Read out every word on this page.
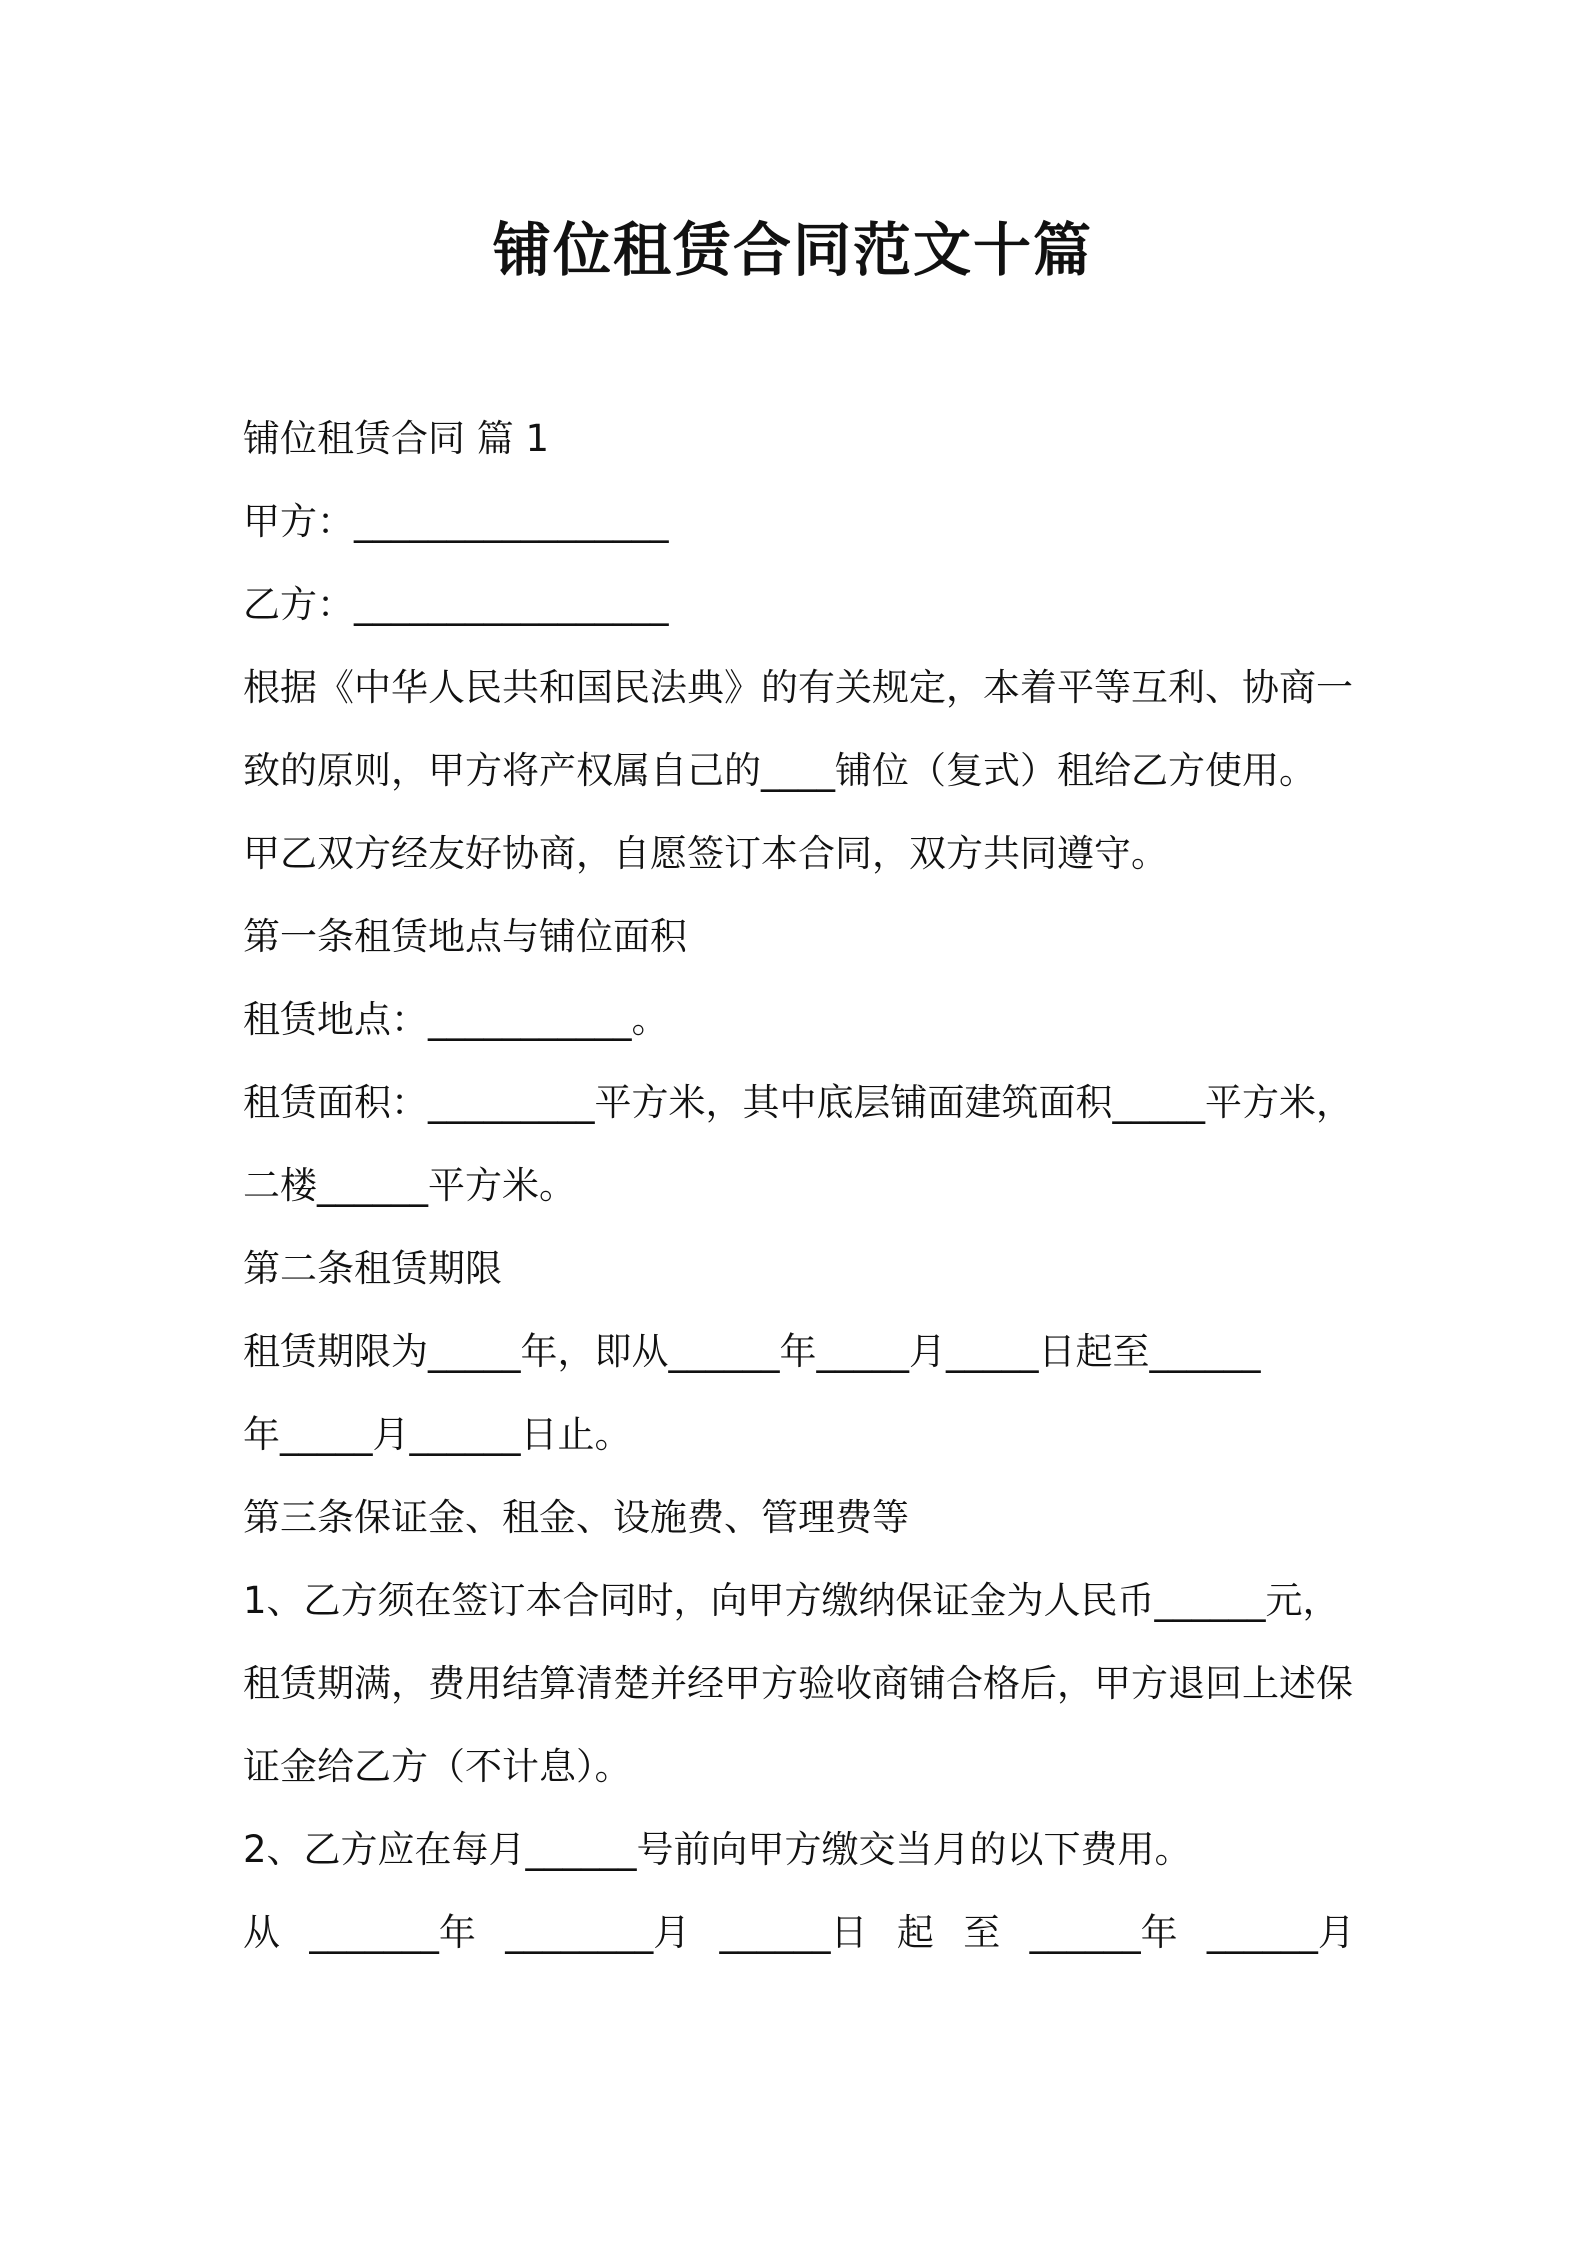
铺位租赁合同范文十篇

铺位租赁合同 篇 1

甲方：_________________

乙方：_________________

根据《中华人民共和国民法典》的有关规定，本着平等互利、协商一

致的原则，甲方将产权属自己的____铺位（复式）租给乙方使用。

甲乙双方经友好协商，自愿签订本合同，双方共同遵守。

第一条租赁地点与铺位面积

租赁地点：___________。

租赁面积：_________平方米，其中底层铺面建筑面积_____平方米，

二楼______平方米。

第二条租赁期限

租赁期限为_____年，即从______年_____月_____日起至______

年_____月______日止。

第三条保证金、租金、设施费、管理费等

1、乙方须在签订本合同时，向甲方缴纳保证金为人民币______元，

租赁期满，费用结算清楚并经甲方验收商铺合格后，甲方退回上述保

证金给乙方（不计息）。

2、乙方应在每月______号前向甲方缴交当月的以下费用。

从 _______年 ________月 ______日 起 至 ______年 ______月
